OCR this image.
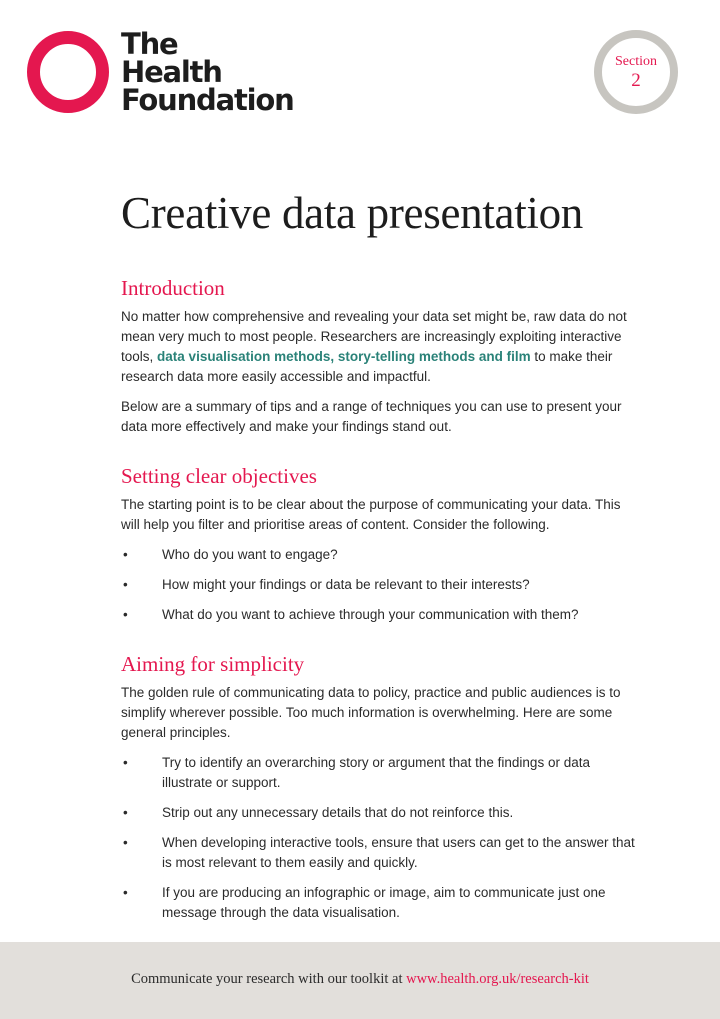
The
Health
Foundation
Section
2
Creative data presentation
Introduction

No matter how comprehensive and revealing your data set might be, raw data do not mean very much to most people. Researchers are increasingly exploiting interactive tools, data visualisation methods, story-telling methods and film to make their research data more easily accessible and impactful.

Below are a summary of tips and a range of techniques you can use to present your data more effectively and make your findings stand out.

Setting clear objectives

The starting point is to be clear about the purpose of communicating your data. This will help you filter and prioritise areas of content. Consider the following.

•	Who do you want to engage?
•	How might your findings or data be relevant to their interests?
•	What do you want to achieve through your communication with them?
Aiming for simplicity

The golden rule of communicating data to policy, practice and public audiences is to simplify wherever possible. Too much information is overwhelming. Here are some general principles.

•	Try to identify an overarching story or argument that the findings or data illustrate or support.
•	Strip out any unnecessary details that do not reinforce this.
•	When developing interactive tools, ensure that users can get to the answer that is most relevant to them easily and quickly.
•	If you are producing an infographic or image, aim to communicate just one message through the data visualisation.
Communicate your research with our toolkit at www.health.org.uk/research-kit
